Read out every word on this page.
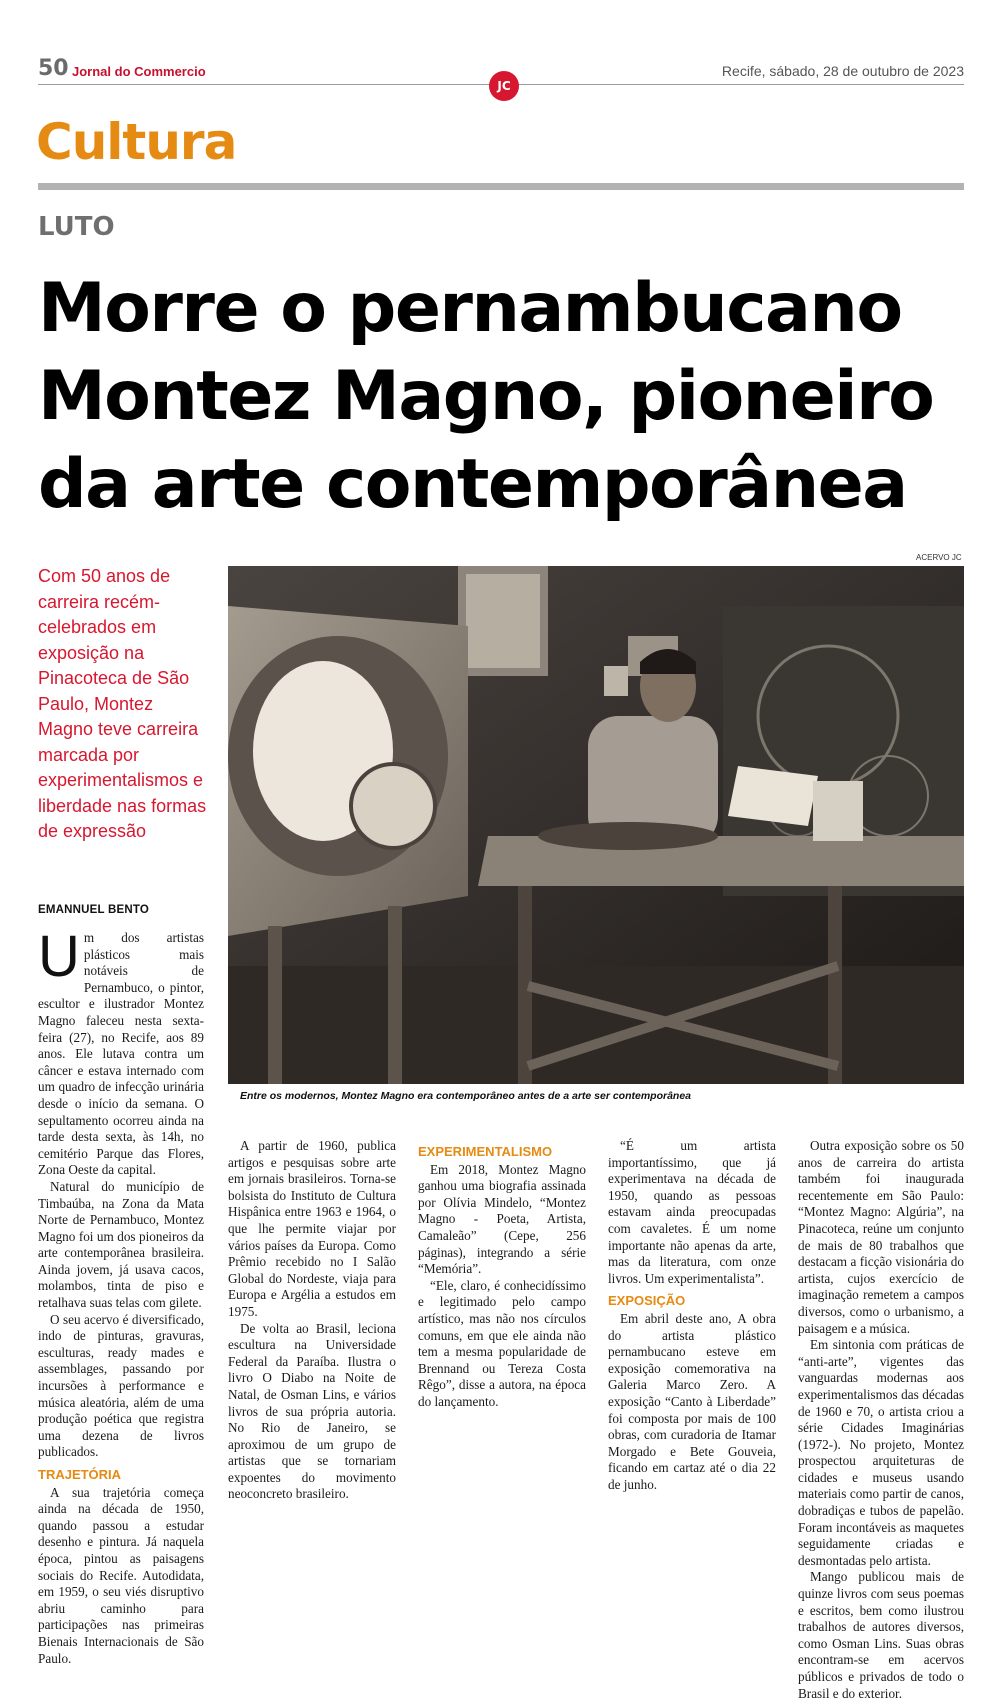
50 Jornal do Commercio
JC
Recife, sábado, 28 de outubro de 2023
Cultura
LUTO
Morre o pernambucano Montez Magno, pioneiro da arte contemporânea
Com 50 anos de carreira recém-celebrados em exposição na Pinacoteca de São Paulo, Montez Magno teve carreira marcada por experimentalismos e liberdade nas formas de expressão
EMANNUEL BENTO
ACERVO JC
Entre os modernos, Montez Magno era contemporâneo antes de a arte ser contemporânea

Um dos artistas plásticos mais notáveis de Pernambuco, o pintor, escultor e ilustrador Montez Magno faleceu nesta sexta-feira (27), no Recife, aos 89 anos. Ele lutava contra um câncer e estava internado com um quadro de infecção urinária desde o início da semana. O sepultamento ocorreu ainda na tarde desta sexta, às 14h, no cemitério Parque das Flores, Zona Oeste da capital.

Natural do município de Timbaúba, na Zona da Mata Norte de Pernambuco, Montez Magno foi um dos pioneiros da arte contemporânea brasileira. Ainda jovem, já usava cacos, molambos, tinta de piso e retalhava suas telas com gilete.

O seu acervo é diversificado, indo de pinturas, gravuras, esculturas, ready mades e assemblages, passando por incursões à performance e música aleatória, além de uma produção poética que registra uma dezena de livros publicados.

TRAJETÓRIA

A sua trajetória começa ainda na década de 1950, quando passou a estudar desenho e pintura. Já naquela época, pintou as paisagens sociais do Recife. Autodidata, em 1959, o seu viés disruptivo abriu caminho para participações nas primeiras Bienais Internacionais de São Paulo.

A partir de 1960, publica artigos e pesquisas sobre arte em jornais brasileiros. Torna-se bolsista do Instituto de Cultura Hispânica entre 1963 e 1964, o que lhe permite viajar por vários países da Europa. Como Prêmio recebido no I Salão Global do Nordeste, viaja para Europa e Argélia a estudos em 1975.

De volta ao Brasil, leciona escultura na Universidade Federal da Paraíba. Ilustra o livro O Diabo na Noite de Natal, de Osman Lins, e vários livros de sua própria autoria. No Rio de Janeiro, se aproximou de um grupo de artistas que se tornariam expoentes do movimento neoconcreto brasileiro.

EXPERIMENTALISMO

Em 2018, Montez Magno ganhou uma biografia assinada por Olívia Mindelo, “Montez Magno - Poeta, Artista, Camaleão” (Cepe, 256 páginas), integrando a série “Memória”.

“Ele, claro, é conhecidíssimo e legitimado pelo campo artístico, mas não nos círculos comuns, em que ele ainda não tem a mesma popularidade de Brennand ou Tereza Costa Rêgo”, disse a autora, na época do lançamento.

“É um artista importantíssimo, que já experimentava na década de 1950, quando as pessoas estavam ainda preocupadas com cavaletes. É um nome importante não apenas da arte, mas da literatura, com onze livros. Um experimentalista”.

EXPOSIÇÃO

Em abril deste ano, A obra do artista plástico pernambucano esteve em exposição comemorativa na Galeria Marco Zero. A exposição “Canto à Liberdade” foi composta por mais de 100 obras, com curadoria de Itamar Morgado e Bete Gouveia, ficando em cartaz até o dia 22 de junho.

Outra exposição sobre os 50 anos de carreira do artista também foi inaugurada recentemente em São Paulo: “Montez Magno: Algúria”, na Pinacoteca, reúne um conjunto de mais de 80 trabalhos que destacam a ficção visionária do artista, cujos exercício de imaginação remetem a campos diversos, como o urbanismo, a paisagem e a música.

Em sintonia com práticas de “anti-arte”, vigentes das vanguardas modernas aos experimentalismos das décadas de 1960 e 70, o artista criou a série Cidades Imaginárias (1972-). No projeto, Montez prospectou arquiteturas de cidades e museus usando materiais como partir de canos, dobradiças e tubos de papelão. Foram incontáveis as maquetes seguidamente criadas e desmontadas pelo artista.

Mango publicou mais de quinze livros com seus poemas e escritos, bem como ilustrou trabalhos de autores diversos, como Osman Lins. Suas obras encontram-se em acervos públicos e privados de todo o Brasil e do exterior.
